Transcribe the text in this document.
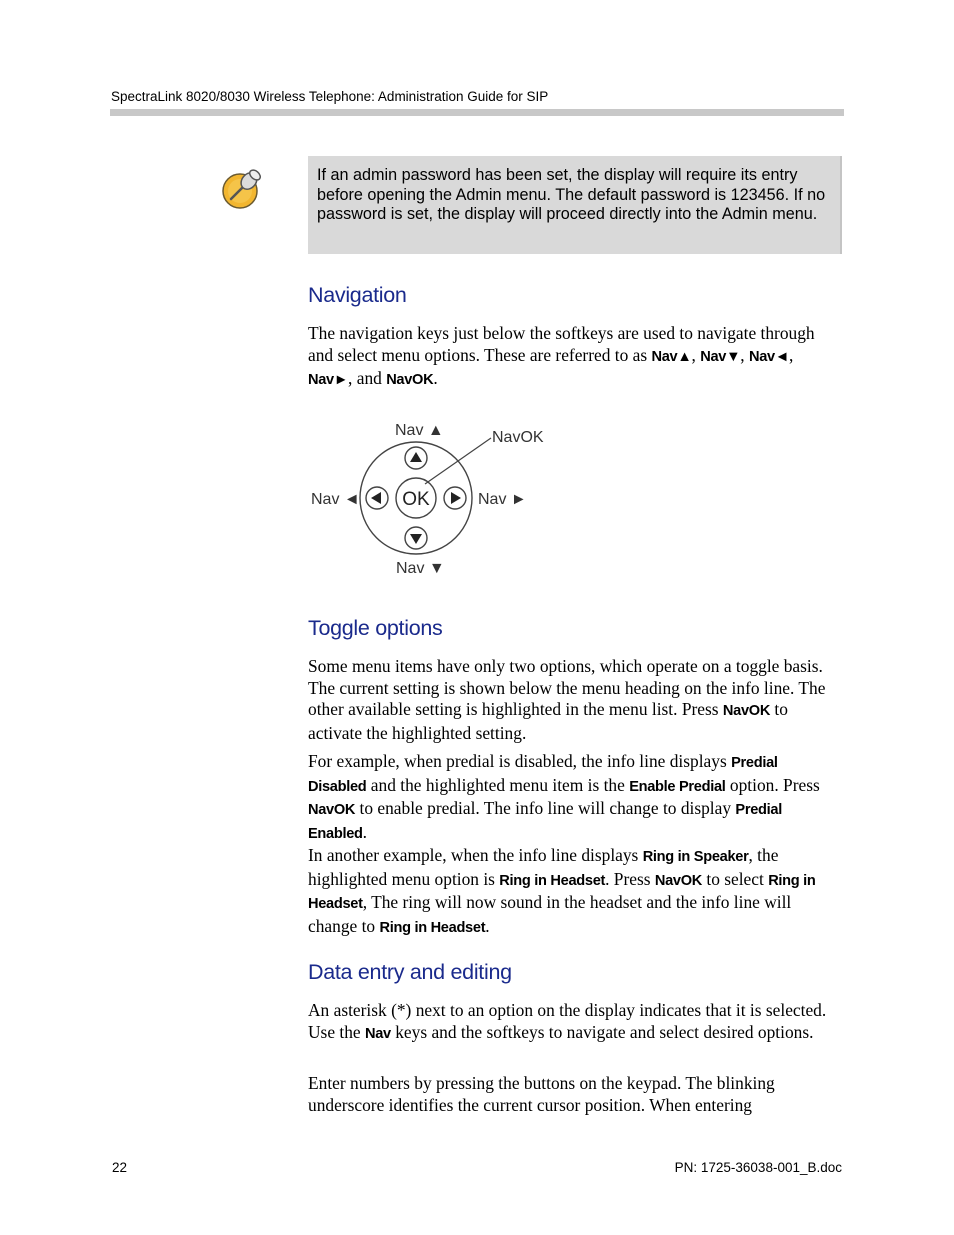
SpectraLink 8020/8030 Wireless Telephone: Administration Guide for SIP
If an admin password has been set, the display will require its entry before opening the Admin menu. The default password is 123456. If no password is set, the display will proceed directly into the Admin menu.
Navigation

The navigation keys just below the softkeys are used to navigate through and select menu options. These are referred to as Nav▲, Nav▼, Nav◄, Nav►, and NavOK.

OK
Nav ▲	NavOK
Nav ◄	Nav ►
Nav ▼
Toggle options

Some menu items have only two options, which operate on a toggle basis. The current setting is shown below the menu heading on the info line. The other available setting is highlighted in the menu list. Press NavOK to activate the highlighted setting.

For example, when predial is disabled, the info line displays Predial Disabled and the highlighted menu item is the Enable Predial option. Press NavOK to enable predial. The info line will change to display Predial Enabled.

In another example, when the info line displays Ring in Speaker, the highlighted menu option is Ring in Headset. Press NavOK to select Ring in Headset, The ring will now sound in the headset and the info line will change to Ring in Headset.

Data entry and editing

An asterisk (*) next to an option on the display indicates that it is selected. Use the Nav keys and the softkeys to navigate and select desired options.

Enter numbers by pressing the buttons on the keypad. The blinking underscore identifies the current cursor position. When entering

22	PN: 1725-36038-001_B.doc
